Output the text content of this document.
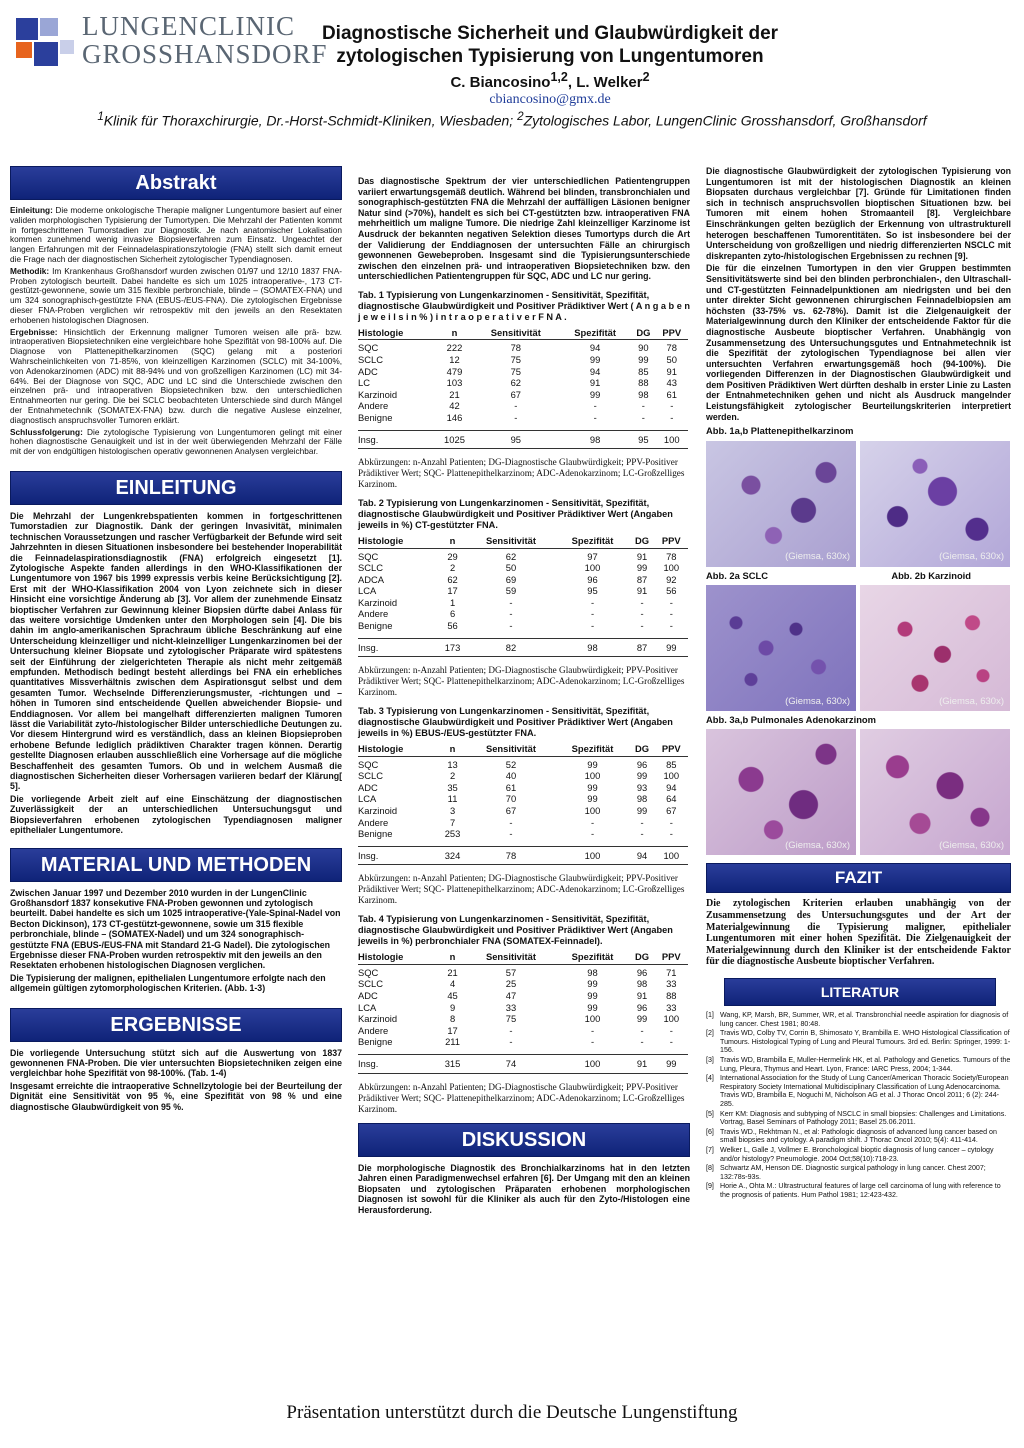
LUNGENCLINIC
GROSSHANSDORF
Diagnostische Sicherheit und Glaubwürdigkeit der zytologischen Typisierung von Lungentumoren
C. Biancosino$^{1,2}$, L. Welker$^2$
cbiancosino@gmx.de
$^1$Klinik für Thoraxchirurgie, Dr.-Horst-Schmidt-Kliniken, Wiesbaden; $^2$Zytologisches Labor, LungenClinic Grosshansdorf, Großhansdorf
Abstrakt

Einleitung: Die moderne onkologische Therapie maligner Lungentumore basiert auf einer validen morphologischen Typisierung der Tumortypen. Die Mehrzahl der Patienten kommt in fortgeschrittenen Tumorstadien zur Diagnostik. Je nach anatomischer Lokalisation kommen zunehmend wenig invasive Biopsieverfahren zum Einsatz. Ungeachtet der langen Erfahrungen mit der Feinnadelaspirationszytologie (FNA) stellt sich damit erneut die Frage nach der diagnostischen Sicherheit zytologischer Typendiagnosen.

Methodik: Im Krankenhaus Großhansdorf wurden zwischen 01/97 und 12/10 1837 FNA-Proben zytologisch beurteilt. Dabei handelte es sich um 1025 intraoperative-, 173 CT-gestützt-gewonnene, sowie um 315 flexible perbronchiale, blinde – (SOMATEX-FNA) und um 324 sonographisch-gestützte FNA (EBUS-/EUS-FNA). Die zytologischen Ergebnisse dieser FNA-Proben verglichen wir retrospektiv mit den jeweils an den Resektaten erhobenen histologischen Diagnosen.

Ergebnisse: Hinsichtlich der Erkennung maligner Tumoren weisen alle prä- bzw. intraoperativen Biopsietechniken eine vergleichbare hohe Spezifität von 98-100% auf. Die Diagnose von Plattenepithelkarzinomen (SQC) gelang mit a posteriori Wahrscheinlichkeiten von 71-85%, von kleinzelligen Karzinomen (SCLC) mit 34-100%, von Adenokarzinomen (ADC) mit 88-94% und von großzelligen Karzinomen (LC) mit 34-64%. Bei der Diagnose von SQC, ADC und LC sind die Unterschiede zwischen den einzelnen prä- und intraoperativen Biopsietechniken bzw. den unterschiedlichen Entnahmeorten nur gering. Die bei SCLC beobachteten Unterschiede sind durch Mängel der Entnahmetechnik (SOMATEX-FNA) bzw. durch die negative Auslese einzelner, diagnostisch anspruchsvoller Tumoren erklärt.

Schlussfolgerung: Die zytologische Typisierung von Lungentumoren gelingt mit einer hohen diagnostische Genauigkeit und ist in der weit überwiegenden Mehrzahl der Fälle mit der von endgültigen histologischen operativ gewonnenen Analysen vergleichbar.

EINLEITUNG

Die Mehrzahl der Lungenkrebspatienten kommen in fortgeschrittenen Tumorstadien zur Diagnostik. Dank der geringen Invasivität, minimalen technischen Voraussetzungen und rascher Verfügbarkeit der Befunde wird seit Jahrzehnten in diesen Situationen insbesondere bei bestehender Inoperabilität die Feinnadelaspirationsdiagnostik (FNA) erfolgreich eingesetzt [1]. Zytologische Aspekte fanden allerdings in den WHO-Klassifikationen der Lungentumore von 1967 bis 1999 expressis verbis keine Berücksichtigung [2]. Erst mit der WHO-Klassifikation 2004 von Lyon zeichnete sich in dieser Hinsicht eine vorsichtige Änderung ab [3]. Vor allem der zunehmende Einsatz bioptischer Verfahren zur Gewinnung kleiner Biopsien dürfte dabei Anlass für das weitere vorsichtige Umdenken unter den Morphologen sein [4]. Die bis dahin im anglo-amerikanischen Sprachraum übliche Beschränkung auf eine Unterscheidung kleinzelliger und nicht-kleinzelliger Lungenkarzinomen bei der Untersuchung kleiner Biopsate und zytologischer Präparate wird spätestens seit der Einführung der zielgerichteten Therapie als nicht mehr zeitgemäß empfunden. Methodisch bedingt besteht allerdings bei FNA ein erhebliches quantitatives Missverhältnis zwischen dem Aspirationsgut selbst und dem gesamten Tumor. Wechselnde Differenzierungsmuster, -richtungen und –höhen in Tumoren sind entscheidende Quellen abweichender Biopsie- und Enddiagnosen. Vor allem bei mangelhaft differenzierten malignen Tumoren lässt die Variabilität zyto-/histologischer Bilder unterschiedliche Deutungen zu. Vor diesem Hintergrund wird es verständlich, dass an kleinen Biopsieproben erhobene Befunde lediglich prädiktiven Charakter tragen können. Derartig gestellte Diagnosen erlauben ausschließlich eine Vorhersage auf die mögliche Beschaffenheit des gesamten Tumors. Ob und in welchem Ausmaß die diagnostischen Sicherheiten dieser Vorhersagen variieren bedarf der Klärung[ 5].

Die vorliegende Arbeit zielt auf eine Einschätzung der diagnostischen Zuverlässigkeit der an unterschiedlichen Untersuchungsgut und Biopsieverfahren erhobenen zytologischen Typendiagnosen maligner epithelialer Lungentumore.

MATERIAL UND METHODEN

Zwischen Januar 1997 und Dezember 2010 wurden in der LungenClinic Großhansdorf 1837 konsekutive FNA-Proben gewonnen und zytologisch beurteilt. Dabei handelte es sich um 1025 intraoperative-(Yale-Spinal-Nadel von Becton Dickinson), 173 CT-gestützt-gewonnene, sowie um 315 flexible perbronchiale, blinde – (SOMATEX-Nadel) und um 324 sonographisch-gestützte FNA (EBUS-/EUS-FNA mit Standard 21-G Nadel). Die zytologischen Ergebnisse dieser FNA-Proben wurden retrospektiv mit den jeweils an den Resektaten erhobenen histologischen Diagnosen verglichen.

Die Typisierung der malignen, epithelialen Lungentumore erfolgte nach den allgemein gültigen zytomorphologischen Kriterien. (Abb. 1-3)

ERGEBNISSE

Die vorliegende Untersuchung stützt sich auf die Auswertung von 1837 gewonnenen FNA-Proben. Die vier untersuchten Biopsietechniken zeigen eine vergleichbar hohe Spezifität von 98-100%. (Tab. 1-4)

Insgesamt erreichte die intraoperative Schnellzytologie bei der Beurteilung der Dignität eine Sensitivität von 95 %, eine Spezifität von 98 % und eine diagnostische Glaubwürdigkeit von 95 %.

Das diagnostische Spektrum der vier unterschiedlichen Patientengruppen variiert erwartungsgemäß deutlich. Während bei blinden, transbronchialen und sonographisch-gestützten FNA die Mehrzahl der auffälligen Läsionen benigner Natur sind (>70%), handelt es sich bei CT-gestützten bzw. intraoperativen FNA mehrheitlich um maligne Tumore. Die niedrige Zahl kleinzelliger Karzinome ist Ausdruck der bekannten negativen Selektion dieses Tumortyps durch die Art der Validierung der Enddiagnosen der untersuchten Fälle an chirurgisch gewonnenen Gewebeproben. Insgesamt sind die Typisierungsunterschiede zwischen den einzelnen prä- und intraoperativen Biopsietechniken bzw. den unterschiedlichen Patientengruppen für SQC, ADC und LC nur gering.

Tab. 1 Typisierung von Lungenkarzinomen - Sensitivität, Spezifität, diagnostische Glaubwürdigkeit und Positiver Prädiktiver Wert ( A n g a b e n j e w e i l s i n % ) i n t r a o p e r a t i v e r F N A .
Histologie	n	Sensitivität	Spezifität	DG	PPV
SQC	222	78	94	90	78
SCLC	12	75	99	99	50
ADC	479	75	94	85	91
LC	103	62	91	88	43
Karzinoid	21	67	99	98	61
Andere	42	-	-	-	-
Benigne	146	-	-	-	-

Insg.	1025	95	98	95	100
Abkürzungen: n-Anzahl Patienten; DG-Diagnostische Glaubwürdigkeit; PPV-Positiver Prädiktiver Wert; SQC- Plattenepithelkarzinom; ADC-Adenokarzinom; LC-Großzelliges Karzinom.
Tab. 2 Typisierung von Lungenkarzinomen - Sensitivität, Spezifität, diagnostische Glaubwürdigkeit und Positiver Prädiktiver Wert (Angaben jeweils in %) CT-gestützter FNA.
Histologie	n	Sensitivität	Spezifität	DG	PPV
SQC	29	62	97	91	78
SCLC	2	50	100	99	100
ADCA	62	69	96	87	92
LCA	17	59	95	91	56
Karzinoid	1	-	-	-	-
Andere	6	-	-	-	-
Benigne	56	-	-	-	-

Insg.	173	82	98	87	99
Abkürzungen: n-Anzahl Patienten; DG-Diagnostische Glaubwürdigkeit; PPV-Positiver Prädiktiver Wert; SQC- Plattenepithelkarzinom; ADC-Adenokarzinom; LC-Großzelliges Karzinom.
Tab. 3 Typisierung von Lungenkarzinomen - Sensitivität, Spezifität, diagnostische Glaubwürdigkeit und Positiver Prädiktiver Wert (Angaben jeweils in %) EBUS-/EUS-gestützter FNA.
Histologie	n	Sensitivität	Spezifität	DG	PPV
SQC	13	52	99	96	85
SCLC	2	40	100	99	100
ADC	35	61	99	93	94
LCA	11	70	99	98	64
Karzinoid	3	67	100	99	67
Andere	7	-	-	-	-
Benigne	253	-	-	-	-

Insg.	324	78	100	94	100
Abkürzungen: n-Anzahl Patienten; DG-Diagnostische Glaubwürdigkeit; PPV-Positiver Prädiktiver Wert; SQC- Plattenepithelkarzinom; ADC-Adenokarzinom; LC-Großzelliges Karzinom.
Tab. 4 Typisierung von Lungenkarzinomen - Sensitivität, Spezifität, diagnostische Glaubwürdigkeit und Positiver Prädiktiver Wert (Angaben jeweils in %) perbronchialer FNA (SOMATEX-Feinnadel).
Histologie	n	Sensitivität	Spezifität	DG	PPV
SQC	21	57	98	96	71
SCLC	4	25	99	98	33
ADC	45	47	99	91	88
LCA	9	33	99	96	33
Karzinoid	8	75	100	99	100
Andere	17	-	-	-	-
Benigne	211	-	-	-	-

Insg.	315	74	100	91	99
Abkürzungen: n-Anzahl Patienten; DG-Diagnostische Glaubwürdigkeit; PPV-Positiver Prädiktiver Wert; SQC- Plattenepithelkarzinom; ADC-Adenokarzinom; LC-Großzelliges Karzinom.
DISKUSSION

Die morphologische Diagnostik des Bronchialkarzinoms hat in den letzten Jahren einen Paradigmenwechsel erfahren [6]. Der Umgang mit den an kleinen Biopsaten und zytologischen Präparaten erhobenen morphologischen Diagnosen ist sowohl für die Kliniker als auch für den Zyto-/Histologen eine Herausforderung.

Die diagnostische Glaubwürdigkeit der zytologischen Typisierung von Lungentumoren ist mit der histologischen Diagnostik an kleinen Biopsaten durchaus vergleichbar [7]. Gründe für Limitationen finden sich in technisch anspruchsvollen bioptischen Situationen bzw. bei Tumoren mit einem hohen Stromaanteil [8]. Vergleichbare Einschränkungen gelten bezüglich der Erkennung von ultrastrukturell heterogen beschaffenen Tumorentitäten. So ist insbesondere bei der Unterscheidung von großzelligen und niedrig differenzierten NSCLC mit diskrepanten zyto-/histologischen Ergebnissen zu rechnen [9].

Die für die einzelnen Tumortypen in den vier Gruppen bestimmten Sensitivitätswerte sind bei den blinden perbronchialen-, den Ultraschall- und CT-gestützten Feinnadelpunktionen am niedrigsten und bei den unter direkter Sicht gewonnenen chirurgischen Feinnadelbiopsien am höchsten (33-75% vs. 62-78%). Damit ist die Zielgenauigkeit der Materialgewinnung durch den Kliniker der entscheidende Faktor für die diagnostische Ausbeute bioptischer Verfahren. Unabhängig von Zusammensetzung des Untersuchungsgutes und Entnahmetechnik ist die Spezifität der zytologischen Typendiagnose bei allen vier untersuchten Verfahren erwartungsgemäß hoch (94-100%). Die vorliegenden Differenzen in der Diagnostischen Glaubwürdigkeit und dem Positiven Prädiktiven Wert dürften deshalb in erster Linie zu Lasten der Entnahmetechniken gehen und nicht als Ausdruck mangelnder Leistungsfähigkeit zytologischer Beurteilungskriterien interpretiert werden.

Abb. 1a,b Plattenepithelkarzinom
(Giemsa, 630x)	(Giemsa, 630x)
Abb. 2a SCLC	Abb. 2b Karzinoid
(Giemsa, 630x)	(Giemsa, 630x)
Abb. 3a,b Pulmonales Adenokarzinom
(Giemsa, 630x)	(Giemsa, 630x)
FAZIT

Die zytologischen Kriterien erlauben unabhängig von der Zusammensetzung des Untersuchungsgutes und der Art der Materialgewinnung die Typisierung maligner, epithelialer Lungentumoren mit einer hohen Spezifität. Die Zielgenauigkeit der Materialgewinnung durch den Kliniker ist der entscheidende Faktor für die diagnostische Ausbeute bioptischer Verfahren.

LITERATUR
[1] Wang, KP, Marsh, BR, Summer, WR, et al. Transbronchial needle aspiration for diagnosis of lung cancer. Chest 1981; 80:48.
[2] Travis WD, Colby TV, Corrin B, Shimosato Y, Brambilla E. WHO Histological Classification of Tumours. Histological Typing of Lung and Pleural Tumours. 3rd ed. Berlin: Springer, 1999: 1-156.
[3] Travis WD, Brambilla E, Muller-Hermelink HK, et al. Pathology and Genetics. Tumours of the Lung, Pleura, Thymus and Heart. Lyon, France: IARC Press, 2004; 1-344.
[4] International Association for the Study of Lung Cancer/American Thoracic Society/European Respiratory Society International Multidisciplinary Classification of Lung Adenocarcinoma. Travis WD, Brambilla E, Noguchi M, Nicholson AG et al. J Thorac Oncol 2011; 6 (2): 244-285.
[5] Kerr KM: Diagnosis and subtyping of NSCLC in small biopsies: Challenges and Limitations. Vortrag, Basel Seminars of Pathology 2011; Basel 25.06.2011.
[6] Travis WD., Rekhtman N., et al: Pathologic diagnosis of advanced lung cancer based on small biopsies and cytology. A paradigm shift. J Thorac Oncol 2010; 5(4): 411-414.
[7] Welker L, Galle J, Vollmer E. Bronchological bioptic diagnosis of lung cancer – cytology and/or histology? Pneumologie. 2004 Oct;58(10):718-23.
[8] Schwartz AM, Henson DE. Diagnostic surgical pathology in lung cancer. Chest 2007; 132:78s-93s.
[9] Horie A., Ohta M.: Ultrastructural features of large cell carcinoma of lung with reference to the prognosis of patients. Hum Pathol 1981; 12:423-432.
Präsentation unterstützt durch die Deutsche Lungenstiftung
